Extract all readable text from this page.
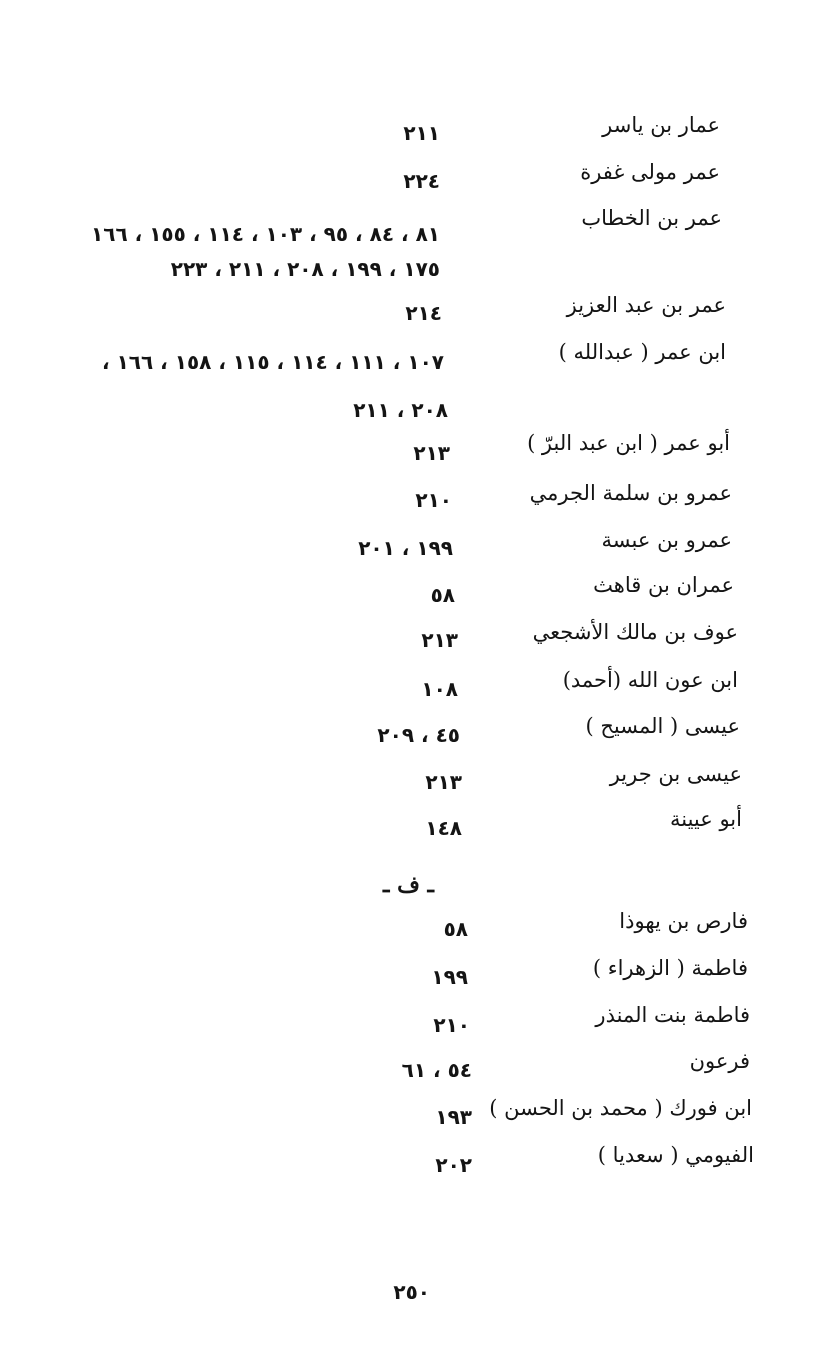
عمار بن ياسر
٢١١
عمر مولى غفرة
٢٢٤
عمر بن الخطاب
٨١ ، ٨٤ ، ٩٥ ، ١٠٣ ، ١١٤ ، ١٥٥ ، ١٦٦
١٧٥ ، ١٩٩ ، ٢٠٨ ، ٢١١ ، ٢٢٣
عمر بن عبد العزيز
٢١٤
ابن عمر ( عبدالله )
١٠٧ ، ١١١ ، ١١٤ ، ١١٥ ، ١٥٨ ، ١٦٦ ،
٢٠٨ ، ٢١١
أبو عمر ( ابن عبد البرّ )
٢١٣
عمرو بن سلمة الجرمي
٢١٠
عمرو بن عبسة
١٩٩ ، ٢٠١
عمران بن قاهث
٥٨
عوف بن مالك الأشجعي
٢١٣
ابن عون الله (أحمد)
١٠٨
عيسى ( المسيح )
٤٥ ، ٢٠٩
عيسى بن جرير
٢١٣
أبو عيينة
١٤٨
ـ ف ـ
فارص بن يهوذا
٥٨
فاطمة ( الزهراء )
١٩٩
فاطمة بنت المنذر
٢١٠
فرعون
٥٤ ، ٦١
ابن فورك ( محمد بن الحسن )
١٩٣
الفيومي ( سعديا )
٢٠٢
٢٥٠
